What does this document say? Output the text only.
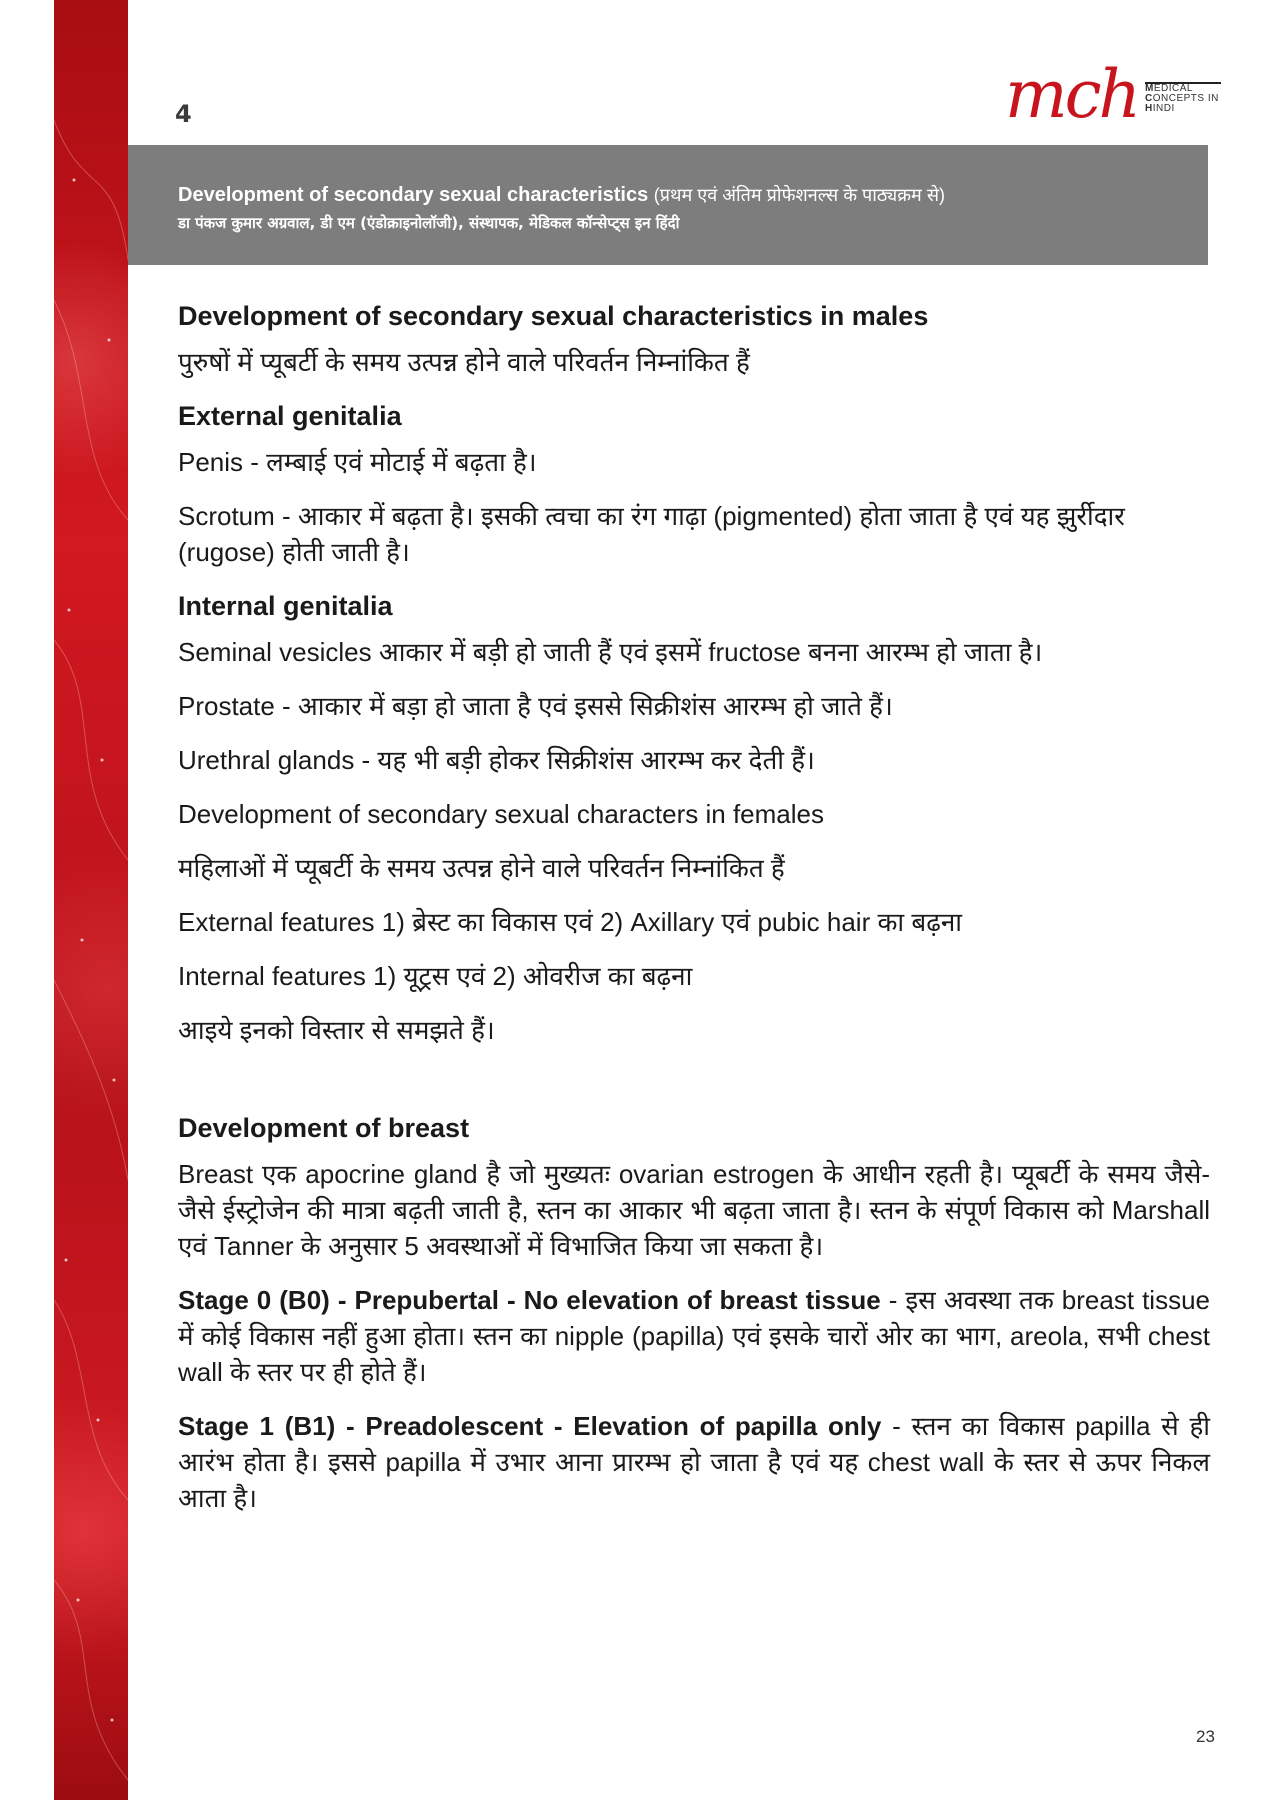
4	mch MEDICAL
CONCEPTS IN
HINDI
Development of secondary sexual characteristics (प्रथम एवं अंतिम प्रोफेशनल्स के पाठ्यक्रम से)
डा पंकज कुमार अग्रवाल, डी एम (एंडोक्राइनोलॉजी), संस्थापक, मेडिकल कॉन्सेप्ट्स इन हिंदी
Development of secondary sexual characteristics in males

पुरुषों में प्यूबर्टी के समय उत्पन्न होने वाले परिवर्तन निम्नांकित हैं

External genitalia

Penis - लम्बाई एवं मोटाई में बढ़ता है।

Scrotum - आकार में बढ़ता है। इसकी त्वचा का रंग गाढ़ा (pigmented) होता जाता है एवं यह झुर्रीदार (rugose) होती जाती है।

Internal genitalia

Seminal vesicles आकार में बड़ी हो जाती हैं एवं इसमें fructose बनना आरम्भ हो जाता है।

Prostate - आकार में बड़ा हो जाता है एवं इससे सिक्रीशंस आरम्भ हो जाते हैं।

Urethral glands - यह भी बड़ी होकर सिक्रीशंस आरम्भ कर देती हैं।

Development of secondary sexual characters in females

महिलाओं में प्यूबर्टी के समय उत्पन्न होने वाले परिवर्तन निम्नांकित हैं

External features 1) ब्रेस्ट का विकास एवं 2) Axillary एवं pubic hair का बढ़ना

Internal features 1) यूट्रस एवं 2) ओवरीज का बढ़ना

आइये इनको विस्तार से समझते हैं।

Development of breast

Breast एक apocrine gland है जो मुख्यतः ovarian estrogen के आधीन रहती है। प्यूबर्टी के समय जैसे-जैसे ईस्ट्रोजेन की मात्रा बढ़ती जाती है, स्तन का आकार भी बढ़ता जाता है। स्तन के संपूर्ण विकास को Marshall एवं Tanner के अनुसार 5 अवस्थाओं में विभाजित किया जा सकता है।

Stage 0 (B0) - Prepubertal - No elevation of breast tissue - इस अवस्था तक breast tissue में कोई विकास नहीं हुआ होता। स्तन का nipple (papilla) एवं इसके चारों ओर का भाग, areola, सभी chest wall के स्तर पर ही होते हैं।

Stage 1 (B1) - Preadolescent - Elevation of papilla only - स्तन का विकास papilla से ही आरंभ होता है। इससे papilla में उभार आना प्रारम्भ हो जाता है एवं यह chest wall के स्तर से ऊपर निकल आता है।

23
